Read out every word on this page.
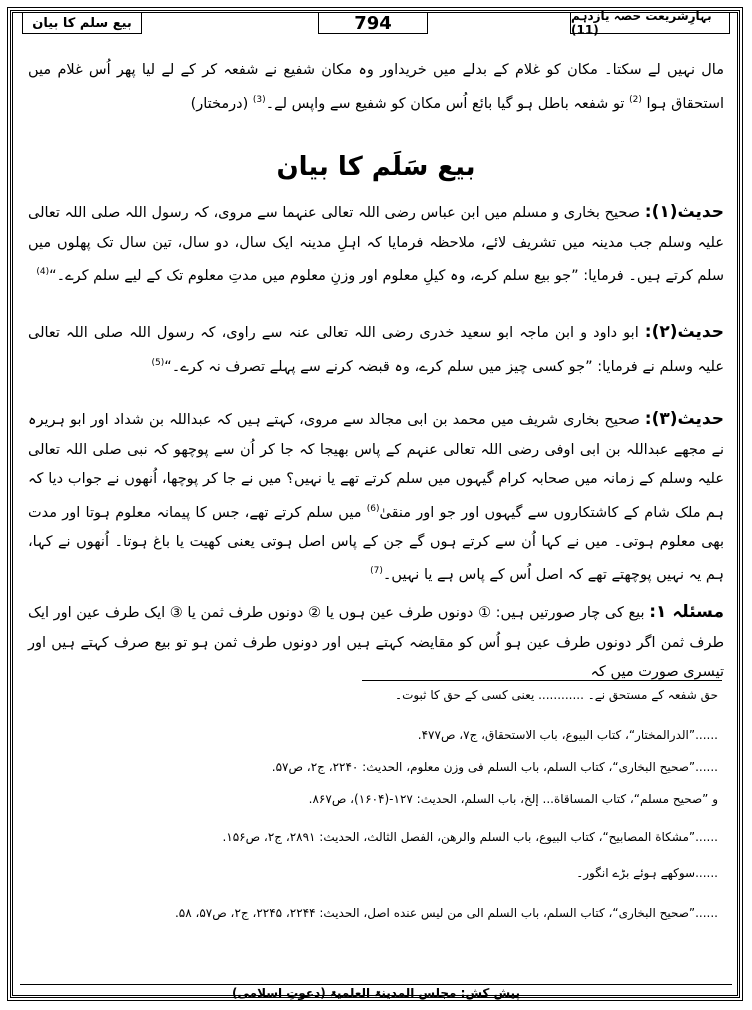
بیع سلم کا بیان	794	بہارِشریعت حصہ یازدہم (11)
مال نہیں لے سکتا۔ مکان کو غلام کے بدلے میں خریداور وہ مکان شفیع نے شفعہ کر کے لے لیا پھر اُس غلام میں استحقاق ہوا $^{(2)}$ تو شفعہ باطل ہو گیا بائع اُس مکان کو شفیع سے واپس لے۔$^{(3)}$ (درمختار)
بیع سَلَم کا بیان
حدیث(۱): صحیح بخاری و مسلم میں ابن عباس رضی اللہ تعالی عنہما سے مروی، کہ رسول اللہ صلی اللہ تعالی علیہ وسلم جب مدینہ میں تشریف لائے، ملاحظہ فرمایا کہ اہلِ مدینہ ایک سال، دو سال، تین سال تک پھلوں میں سلم کرتے ہیں۔ فرمایا: ”جو بیع سلم کرے، وہ کیلِ معلوم اور وزنِ معلوم میں مدتِ معلوم تک کے لیے سلم کرے۔“$^{(4)}$
حدیث(۲): ابو داود و ابن ماجہ ابو سعید خدری رضی اللہ تعالی عنہ سے راوی، کہ رسول اللہ صلی اللہ تعالی علیہ وسلم نے فرمایا: ”جو کسی چیز میں سلم کرے، وہ قبضہ کرنے سے پہلے تصرف نہ کرے۔“$^{(5)}$
حدیث(۳): صحیح بخاری شریف میں محمد بن ابی مجالد سے مروی، کہتے ہیں کہ عبداللہ بن شداد اور ابو ہریرہ نے مجھے عبداللہ بن ابی اوفی رضی اللہ تعالی عنہم کے پاس بھیجا کہ جا کر اُن سے پوچھو کہ نبی صلی اللہ تعالی علیہ وسلم کے زمانہ میں صحابہ کرام گیہوں میں سلم کرتے تھے یا نہیں؟ میں نے جا کر پوچھا، اُنھوں نے جواب دیا کہ ہم ملک شام کے کاشتکاروں سے گیہوں اور جو اور منقیٰ$^{(6)}$ میں سلم کرتے تھے، جس کا پیمانہ معلوم ہوتا اور مدت بھی معلوم ہوتی۔ میں نے کہا اُن سے کرتے ہوں گے جن کے پاس اصل ہوتی یعنی کھیت یا باغ ہوتا۔ اُنھوں نے کہا، ہم یہ نہیں پوچھتے تھے کہ اصل اُس کے پاس ہے یا نہیں۔$^{(7)}$
مسئلہ ۱: بیع کی چار صورتیں ہیں: ① دونوں طرف عین ہوں یا ② دونوں طرف ثمن یا ③ ایک طرف عین اور ایک طرف ثمن اگر دونوں طرف عین ہو اُس کو مقایضہ کہتے ہیں اور دونوں طرف ثمن ہو تو بیع صرف کہتے ہیں اور تیسری صورت میں کہ
حق شفعہ کے مستحق نے۔ ............ یعنی کسی کے حق کا ثبوت۔
......”الدرالمختار“، کتاب البیوع، باب الاستحقاق، ج۷، ص۴۷۷.
......”صحیح البخاری“، کتاب السلم، باب السلم فی وزن معلوم، الحدیث: ۲۲۴۰، ج۲، ص۵۷.
و ”صحیح مسلم“، کتاب المساقاة... إلخ، باب السلم، الحدیث: ۱۲۷-(۱۶۰۴)، ص۸۶۷.
......”مشکاة المصابیح“، کتاب البیوع، باب السلم والرهن، الفصل الثالث، الحدیث: ۲۸۹۱، ج۲، ص۱۵۶.
......سوکھے ہوئے بڑے انگور۔
......”صحیح البخاری“، کتاب السلم، باب السلم الی من لیس عنده اصل، الحدیث: ۲۲۴۴، ۲۲۴۵، ج۲، ص۵۷، ۵۸.
پیش کش: مجلس المدینۃ العلمیۃ (دعوتِ اسلامی)
